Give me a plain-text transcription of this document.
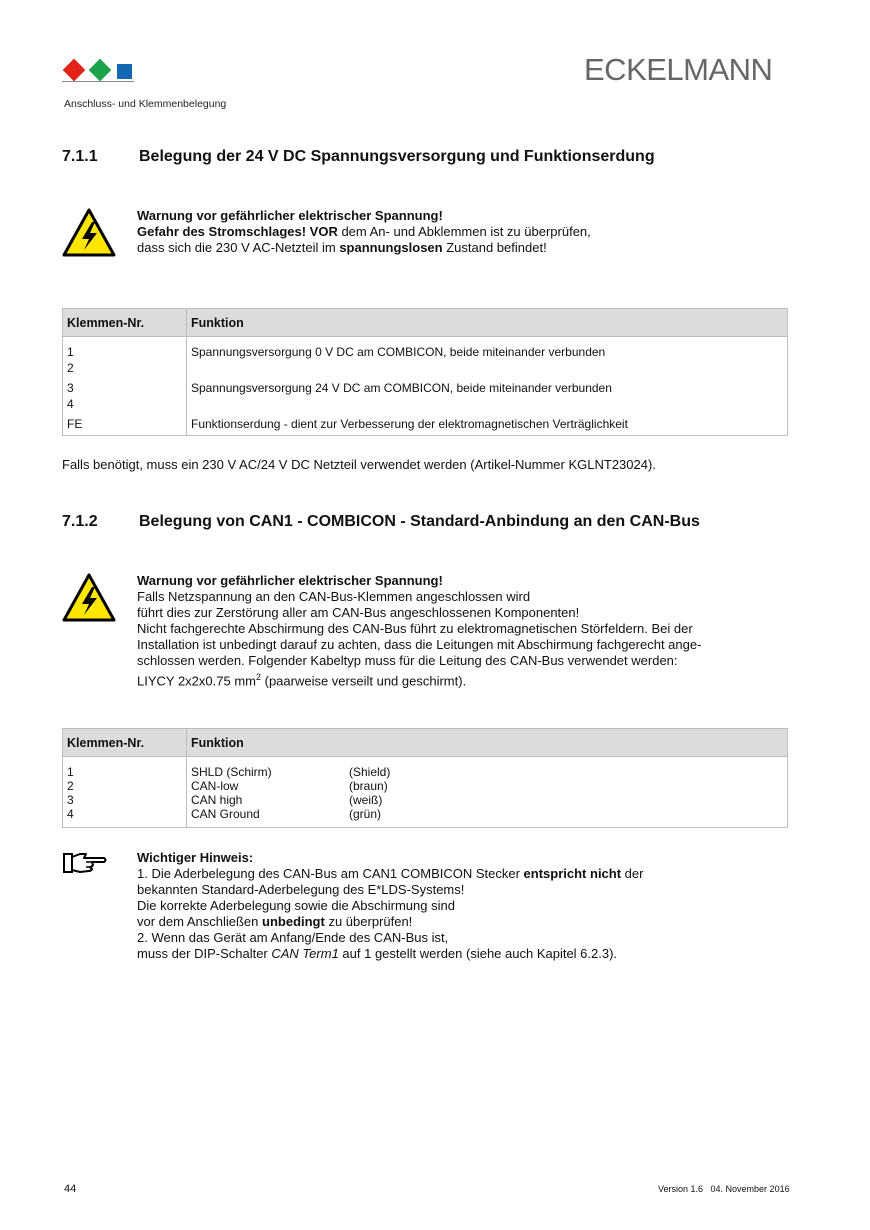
ECKELMANN
Anschluss- und Klemmenbelegung
7.1.1	Belegung der 24 V DC Spannungsversorgung und Funktionserdung
Warnung vor gefährlicher elektrischer Spannung!
Gefahr des Stromschlages! VOR dem An- und Abklemmen ist zu überprüfen,
dass sich die 230 V AC-Netzteil im spannungslosen Zustand befindet!
Klemmen-Nr.	Funktion
1	Spannungsversorgung 0 V DC am COMBICON, beide miteinander verbunden
2	
3	Spannungsversorgung 24 V DC am COMBICON, beide miteinander verbunden
4	
FE	Funktionserdung - dient zur Verbesserung der elektromagnetischen Verträglichkeit
Falls benötigt, muss ein 230 V AC/24 V DC Netzteil verwendet werden (Artikel-Nummer KGLNT23024).
7.1.2	Belegung von CAN1 - COMBICON - Standard-Anbindung an den CAN-Bus
Warnung vor gefährlicher elektrischer Spannung!
Falls Netzspannung an den CAN-Bus-Klemmen angeschlossen wird
führt dies zur Zerstörung aller am CAN-Bus angeschlossenen Komponenten!
Nicht fachgerechte Abschirmung des CAN-Bus führt zu elektromagnetischen Störfeldern. Bei der
Installation ist unbedingt darauf zu achten, dass die Leitungen mit Abschirmung fachgerecht ange-
schlossen werden. Folgender Kabeltyp muss für die Leitung des CAN-Bus verwendet werden:
LIYCY 2x2x0.75 $mm^2$ (paarweise verseilt und geschirmt).
Klemmen-Nr.	Funktion
1	SHLD (Schirm) (Shield)
2	CAN-low (braun)
3	CAN high (weiß)
4	CAN Ground (grün)
Wichtiger Hinweis:
1. Die Aderbelegung des CAN-Bus am CAN1 COMBICON Stecker entspricht nicht der
bekannten Standard-Aderbelegung des E*LDS-Systems!
Die korrekte Aderbelegung sowie die Abschirmung sind
vor dem Anschließen unbedingt zu überprüfen!
2. Wenn das Gerät am Anfang/Ende des CAN-Bus ist,
muss der DIP-Schalter CAN Term1 auf 1 gestellt werden (siehe auch Kapitel 6.2.3).
44	Version 1.6   04. November 2016
